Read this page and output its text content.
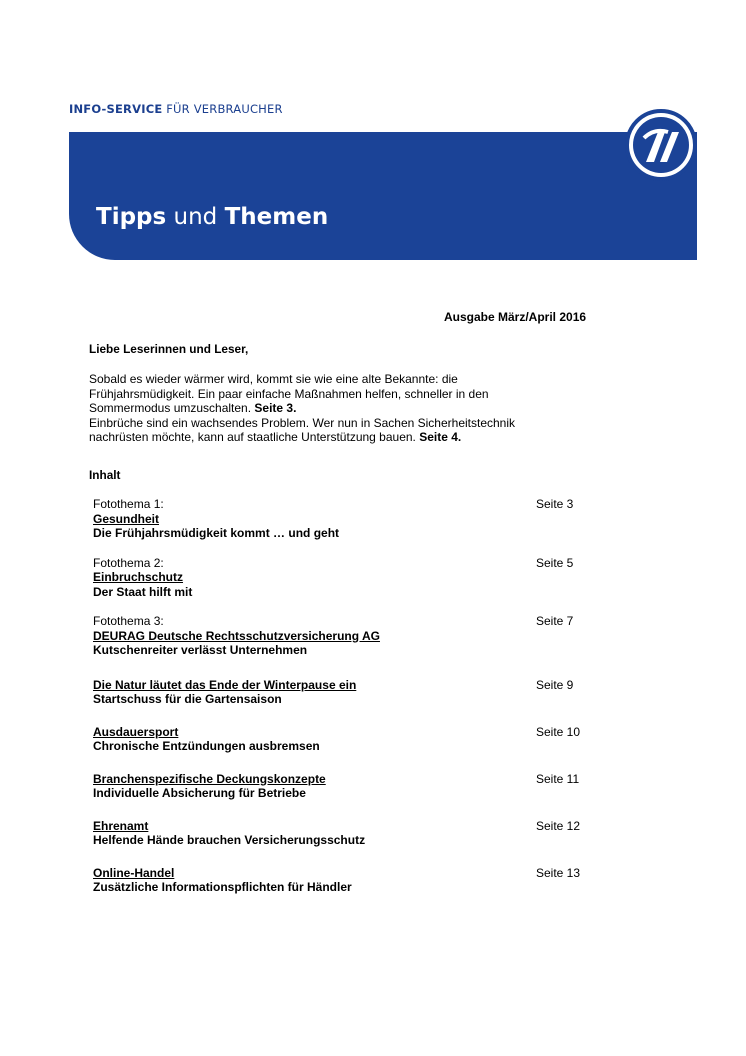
INFO-SERVICE FÜR VERBRAUCHER
Tipps und Themen
Ausgabe März/April 2016
Liebe Leserinnen und Leser,

Sobald es wieder wärmer wird, kommt sie wie eine alte Bekannte: die
Frühjahrsmüdigkeit. Ein paar einfache Maßnahmen helfen, schneller in den
Sommermodus umzuschalten. Seite 3.

Einbrüche sind ein wachsendes Problem. Wer nun in Sachen Sicherheitstechnik
nachrüsten möchte, kann auf staatliche Unterstützung bauen. Seite 4.

Inhalt
Fotothema 1:
Gesundheit
Die Frühjahrsmüdigkeit kommt … und geht
Seite 3
Fotothema 2:
Einbruchschutz
Der Staat hilft mit
Seite 5
Fotothema 3:
DEURAG Deutsche Rechtsschutzversicherung AG
Kutschenreiter verlässt Unternehmen
Seite 7
Die Natur läutet das Ende der Winterpause ein
Startschuss für die Gartensaison
Seite 9
Ausdauersport
Chronische Entzündungen ausbremsen
Seite 10
Branchenspezifische Deckungskonzepte
Individuelle Absicherung für Betriebe
Seite 11
Ehrenamt
Helfende Hände brauchen Versicherungsschutz
Seite 12
Online-Handel
Zusätzliche Informationspflichten für Händler
Seite 13
